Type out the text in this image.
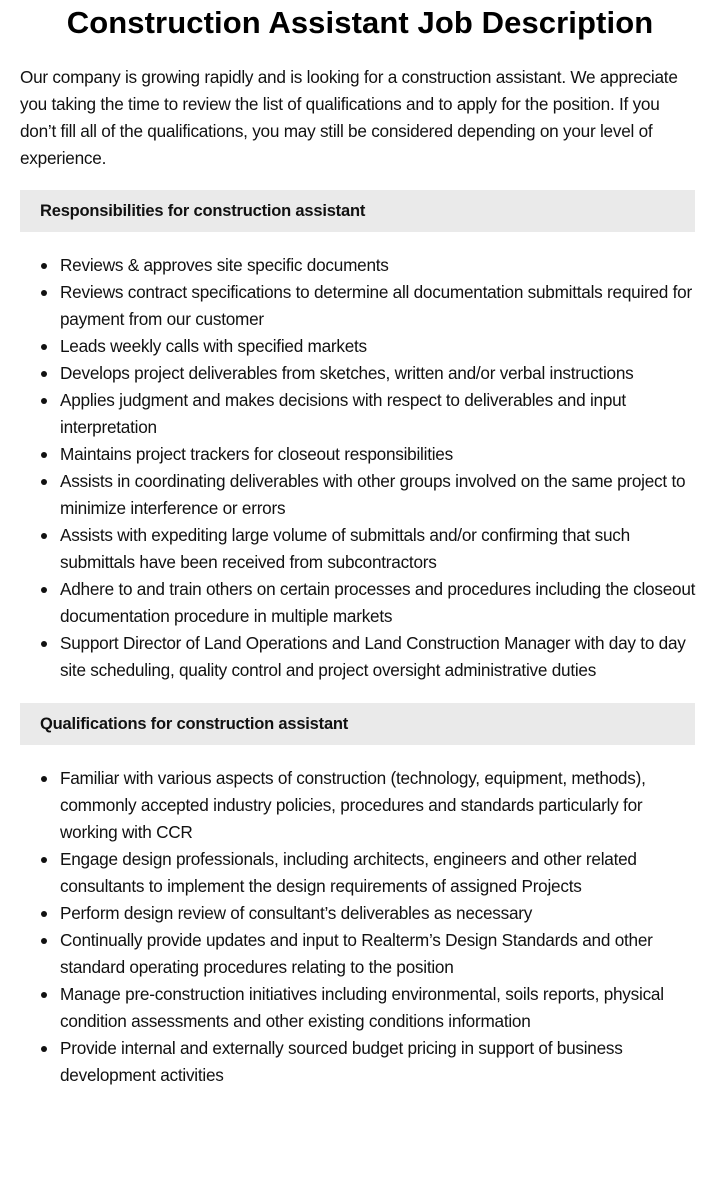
Construction Assistant Job Description

Our company is growing rapidly and is looking for a construction assistant. We appreciate you taking the time to review the list of qualifications and to apply for the position. If you don’t fill all of the qualifications, you may still be considered depending on your level of experience.

Responsibilities for construction assistant
Reviews & approves site specific documents
Reviews contract specifications to determine all documentation submittals required for payment from our customer
Leads weekly calls with specified markets
Develops project deliverables from sketches, written and/or verbal instructions
Applies judgment and makes decisions with respect to deliverables and input interpretation
Maintains project trackers for closeout responsibilities
Assists in coordinating deliverables with other groups involved on the same project to minimize interference or errors
Assists with expediting large volume of submittals and/or confirming that such submittals have been received from subcontractors
Adhere to and train others on certain processes and procedures including the closeout documentation procedure in multiple markets
Support Director of Land Operations and Land Construction Manager with day to day site scheduling, quality control and project oversight administrative duties
Qualifications for construction assistant
Familiar with various aspects of construction (technology, equipment, methods), commonly accepted industry policies, procedures and standards particularly for working with CCR
Engage design professionals, including architects, engineers and other related consultants to implement the design requirements of assigned Projects
Perform design review of consultant’s deliverables as necessary
Continually provide updates and input to Realterm’s Design Standards and other standard operating procedures relating to the position
Manage pre-construction initiatives including environmental, soils reports, physical condition assessments and other existing conditions information
Provide internal and externally sourced budget pricing in support of business development activities
